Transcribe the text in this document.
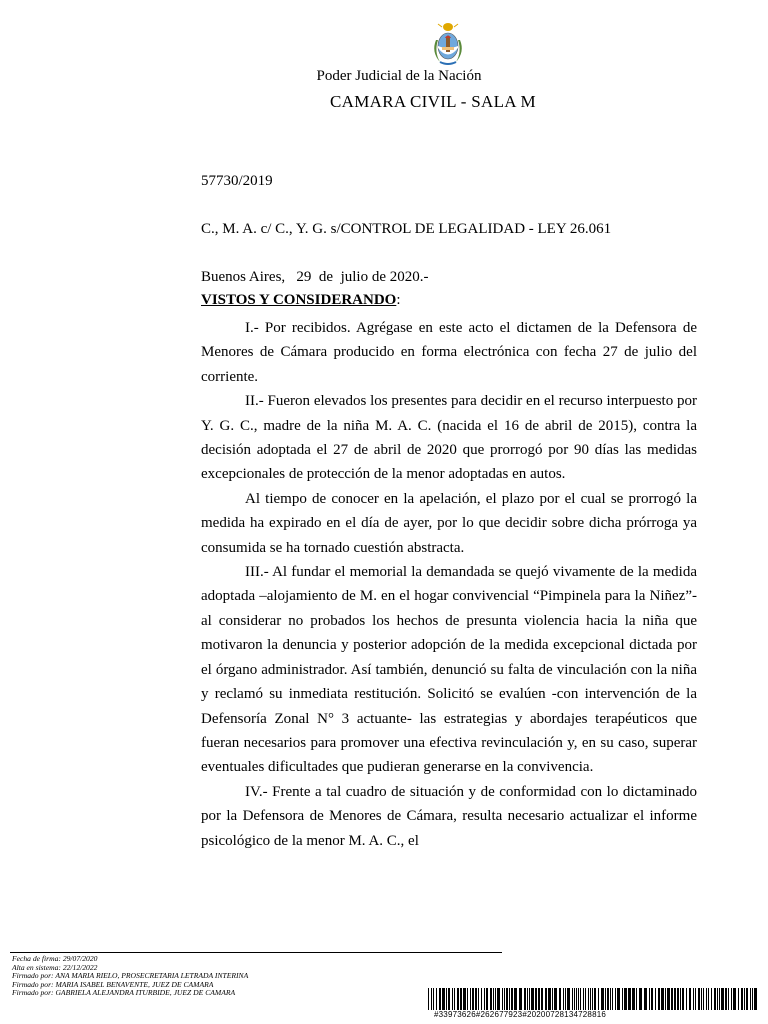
Poder Judicial de la Nación
CAMARA CIVIL - SALA M
57730/2019
C., M. A. c/ C., Y. G. s/CONTROL DE LEGALIDAD - LEY 26.061
Buenos Aires,   29  de  julio de 2020.-
VISTOS Y CONSIDERANDO:

I.- Por recibidos. Agrégase en este acto el dictamen de la Defensora de Menores de Cámara producido en forma electrónica con fecha 27 de julio del corriente.

II.- Fueron elevados los presentes para decidir en el recurso interpuesto por Y. G. C., madre de la niña M. A. C. (nacida el 16 de abril de 2015), contra la decisión adoptada el 27 de abril de 2020 que prorrogó por 90 días las medidas excepcionales de protección de la menor adoptadas en autos.

Al tiempo de conocer en la apelación, el plazo por el cual se prorrogó la medida ha expirado en el día de ayer, por lo que decidir sobre dicha prórroga ya consumida se ha tornado cuestión abstracta.

III.- Al fundar el memorial la demandada se quejó vivamente de la medida adoptada –alojamiento de M. en el hogar convivencial “Pimpinela para la Niñez”- al considerar no probados los hechos de presunta violencia hacia la niña que motivaron la denuncia y posterior adopción de la medida excepcional dictada por el órgano administrador. Así también, denunció su falta de vinculación con la niña y reclamó su inmediata restitución. Solicitó se evalúen -con intervención de la Defensoría Zonal N° 3 actuante- las estrategias y abordajes terapéuticos que fueran necesarios para promover una efectiva revinculación y, en su caso, superar eventuales dificultades que pudieran generarse en la convivencia.

IV.- Frente a tal cuadro de situación y de conformidad con lo dictaminado por la Defensora de Menores de Cámara, resulta necesario actualizar el informe psicológico de la menor M. A. C., el

Fecha de firma: 29/07/2020
Alta en sistema: 22/12/2022
Firmado por: ANA MARIA RIELO, PROSECRETARIA LETRADA INTERINA
Firmado por: MARIA ISABEL BENAVENTE, JUEZ DE CAMARA
Firmado por: GABRIELA ALEJANDRA ITURBIDE, JUEZ DE CAMARA
#33973626#262677923#20200728134728816
